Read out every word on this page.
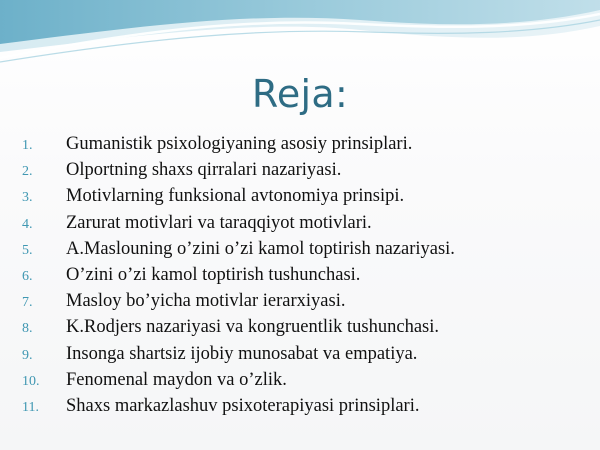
Reja:
1. Gumanistik psixologiyaning asosiy prinsiplari.
2. Olportning shaxs qirralari nazariyasi.
3. Motivlarning funksional avtonomiya prinsipi.
4. Zarurat motivlari va taraqqiyot motivlari.
5. A.Maslouning o’zini o’zi kamol toptirish nazariyasi.
6. O’zini o’zi kamol toptirish tushunchasi.
7. Masloy bo’yicha motivlar ierarxiyasi.
8. K.Rodjers nazariyasi va kongruentlik tushunchasi.
9. Insonga shartsiz ijobiy munosabat va empatiya.
10. Fenomenal maydon va o’zlik.
11. Shaxs markazlashuv psixoterapiyasi prinsiplari.
